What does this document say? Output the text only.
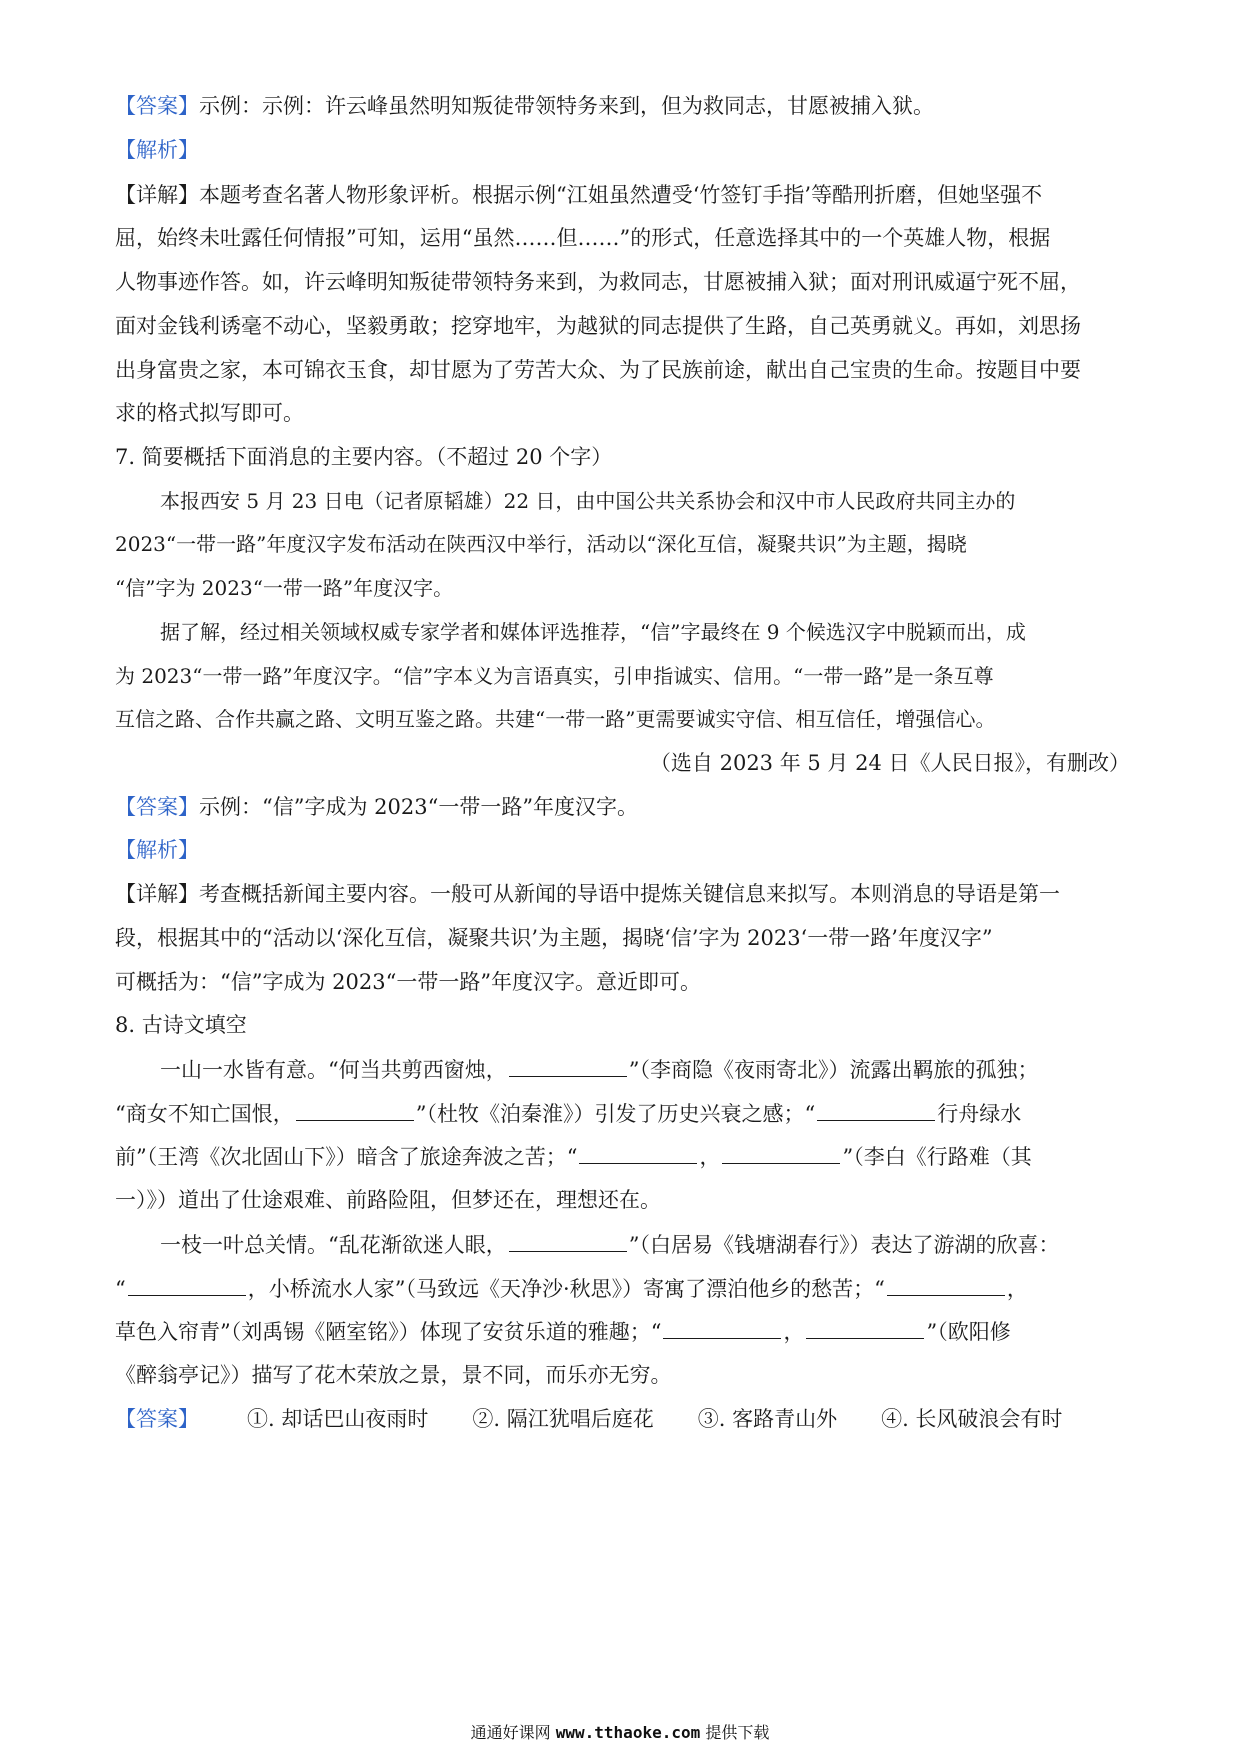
【答案】示例：示例：许云峰虽然明知叛徒带领特务来到，但为救同志，甘愿被捕入狱。
【解析】
【详解】本题考查名著人物形象评析。根据示例“江姐虽然遭受‘竹签钉手指’等酷刑折磨，但她坚强不
屈，始终未吐露任何情报”可知，运用“虽然……但……”的形式，任意选择其中的一个英雄人物，根据
人物事迹作答。如，许云峰明知叛徒带领特务来到，为救同志，甘愿被捕入狱；面对刑讯威逼宁死不屈，
面对金钱利诱毫不动心，坚毅勇敢；挖穿地牢，为越狱的同志提供了生路，自己英勇就义。再如，刘思扬
出身富贵之家，本可锦衣玉食，却甘愿为了劳苦大众、为了民族前途，献出自己宝贵的生命。按题目中要
求的格式拟写即可。
7. 简要概括下面消息的主要内容。（不超过 20 个字）
本报西安 5 月 23 日电（记者原韬雄）22 日，由中国公共关系协会和汉中市人民政府共同主办的
2023“一带一路”年度汉字发布活动在陕西汉中举行，活动以“深化互信，凝聚共识”为主题，揭晓
“信”字为 2023“一带一路”年度汉字。
据了解，经过相关领域权威专家学者和媒体评选推荐，“信”字最终在 9 个候选汉字中脱颖而出，成
为 2023“一带一路”年度汉字。“信”字本义为言语真实，引申指诚实、信用。“一带一路”是一条互尊
互信之路、合作共赢之路、文明互鉴之路。共建“一带一路”更需要诚实守信、相互信任，增强信心。
（选自 2023 年 5 月 24 日《人民日报》，有删改）
【答案】示例：“信”字成为 2023“一带一路”年度汉字。
【解析】
【详解】考查概括新闻主要内容。一般可从新闻的导语中提炼关键信息来拟写。本则消息的导语是第一
段，根据其中的“活动以‘深化互信，凝聚共识’为主题，揭晓‘信’字为 2023‘一带一路’年度汉字”
可概括为：“信”字成为 2023“一带一路”年度汉字。意近即可。
8. 古诗文填空
一山一水皆有意。“何当共剪西窗烛，	”（李商隐《夜雨寄北》）流露出羁旅的孤独；
“商女不知亡国恨，	”（杜牧《泊秦淮》）引发了历史兴衰之感；“	行舟绿水
前”（王湾《次北固山下》）暗含了旅途奔波之苦；“	，	”（李白《行路难（其
一）》）道出了仕途艰难、前路险阻，但梦还在，理想还在。
一枝一叶总关情。“乱花渐欲迷人眼，	”（白居易《钱塘湖春行》）表达了游湖的欣喜：
“	，小桥流水人家”（马致远《天净沙·秋思》）寄寓了漂泊他乡的愁苦；“	，
草色入帘青”（刘禹锡《陋室铭》）体现了安贫乐道的雅趣；“	，	”（欧阳修
《醉翁亭记》）描写了花木荣放之景，景不同，而乐亦无穷。
【答案】 ①. 却话巴山夜雨时 ②. 隔江犹唱后庭花 ③. 客路青山外 ④. 长风破浪会有时
通通好课网 www.tthaoke.com 提供下载
